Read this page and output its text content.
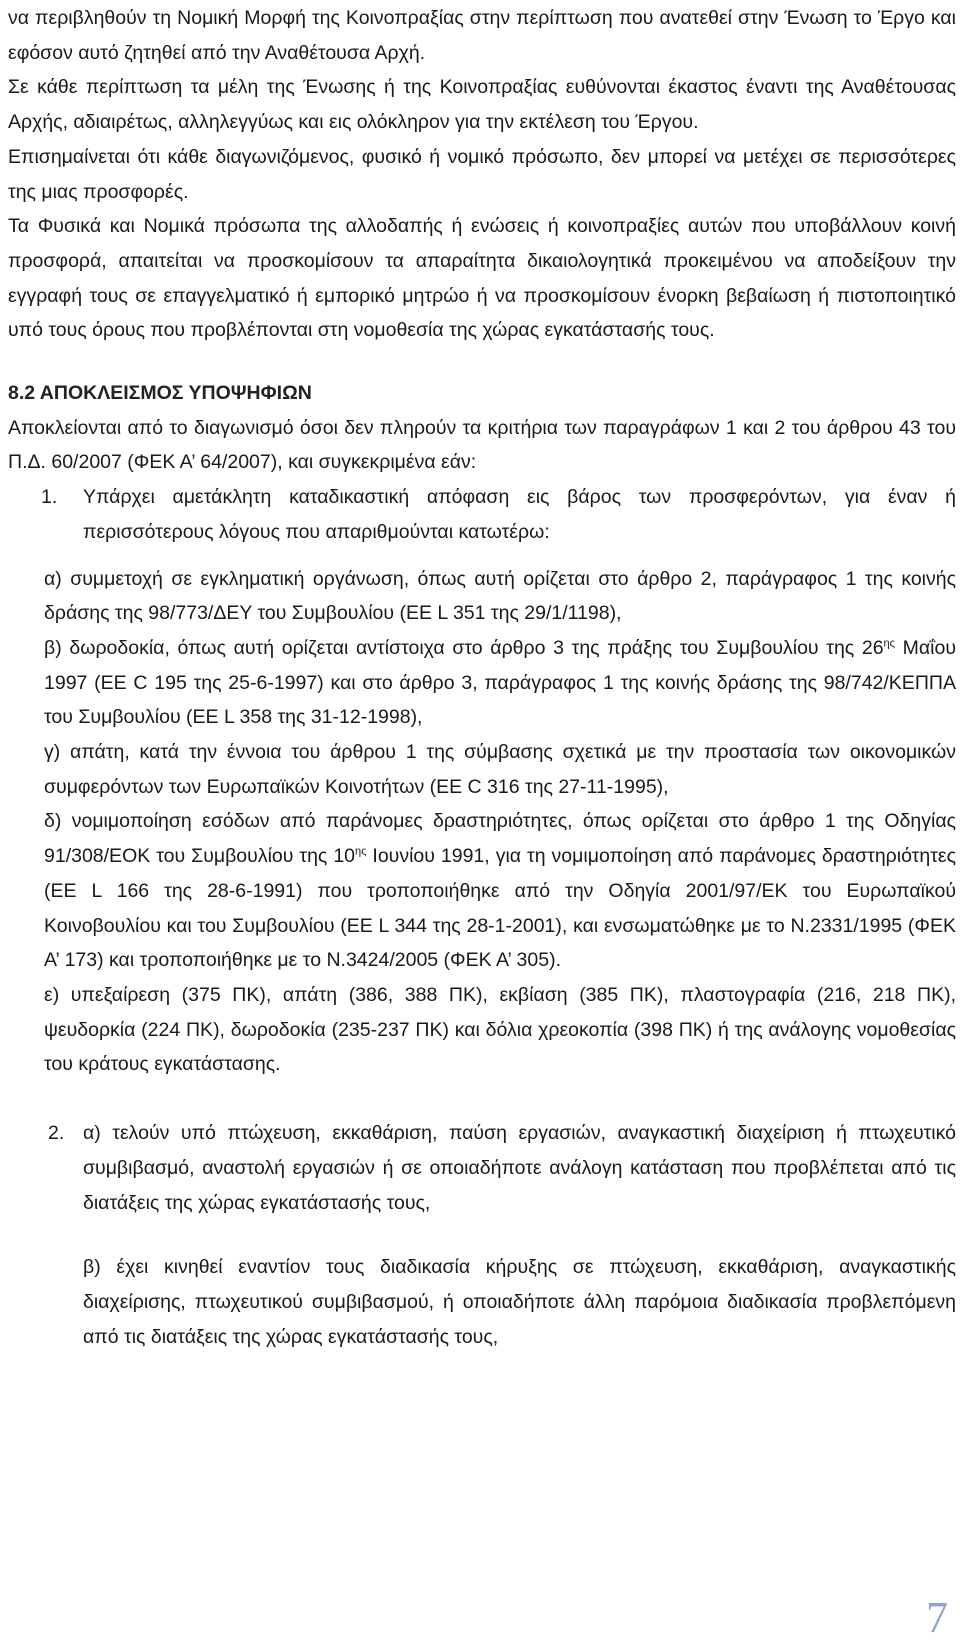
να περιβληθούν τη Νομική Μορφή της Κοινοπραξίας στην περίπτωση που ανατεθεί στην Ένωση το Έργο και εφόσον αυτό ζητηθεί από την Αναθέτουσα Αρχή.

Σε κάθε περίπτωση τα μέλη της Ένωσης ή της Κοινοπραξίας ευθύνονται έκαστος έναντι της Αναθέτουσας Αρχής, αδιαιρέτως, αλληλεγγύως και εις ολόκληρον για την εκτέλεση του Έργου.

Επισημαίνεται ότι κάθε διαγωνιζόμενος, φυσικό ή νομικό πρόσωπο, δεν μπορεί να μετέχει σε περισσότερες της μιας προσφορές.

Τα Φυσικά και Νομικά πρόσωπα της αλλοδαπής ή ενώσεις ή κοινοπραξίες αυτών που υποβάλλουν κοινή προσφορά, απαιτείται να προσκομίσουν τα απαραίτητα δικαιολογητικά προκειμένου να αποδείξουν την εγγραφή τους σε επαγγελματικό ή εμπορικό μητρώο ή να προσκομίσουν ένορκη βεβαίωση ή πιστοποιητικό υπό τους όρους που προβλέπονται στη νομοθεσία της χώρας εγκατάστασής τους.

8.2 ΑΠΟΚΛΕΙΣΜΟΣ ΥΠΟΨΗΦΙΩΝ

Αποκλείονται από το διαγωνισμό όσοι δεν πληρούν τα κριτήρια των παραγράφων 1 και 2 του άρθρου 43 του Π.Δ. 60/2007 (ΦΕΚ Α’ 64/2007), και συγκεκριμένα εάν:

1.	Υπάρχει αμετάκλητη καταδικαστική απόφαση εις βάρος των προσφερόντων, για έναν ή περισσότερους λόγους που απαριθμούνται κατωτέρω:

α) συμμετοχή σε εγκληματική οργάνωση, όπως αυτή ορίζεται στο άρθρο 2, παράγραφος 1 της κοινής δράσης της 98/773/ΔΕΥ του Συμβουλίου (ΕΕ L 351 της 29/1/1198),

β) δωροδοκία, όπως αυτή ορίζεται αντίστοιχα στο άρθρο 3 της πράξης του Συμβουλίου της $26^{\eta\varsigma}$ Μαΐου 1997 (ΕΕ C 195 της 25-6-1997) και στο άρθρο 3, παράγραφος 1 της κοινής δράσης της 98/742/ΚΕΠΠΑ του Συμβουλίου (ΕΕ L 358 της 31-12-1998),

γ) απάτη, κατά την έννοια του άρθρου 1 της σύμβασης σχετικά με την προστασία των οικονομικών συμφερόντων των Ευρωπαϊκών Κοινοτήτων (ΕΕ C 316 της 27-11-1995),

δ) νομιμοποίηση εσόδων από παράνομες δραστηριότητες, όπως ορίζεται στο άρθρο 1 της Οδηγίας 91/308/ΕΟΚ του Συμβουλίου της $10^{\eta\varsigma}$ Ιουνίου 1991, για τη νομιμοποίηση από παράνομες δραστηριότητες (ΕΕ L 166 της 28-6-1991) που τροποποιήθηκε από την Οδηγία 2001/97/ΕΚ του Ευρωπαϊκού Κοινοβουλίου και του Συμβουλίου (ΕΕ L 344 της 28-1-2001), και ενσωματώθηκε με το Ν.2331/1995 (ΦΕΚ Α’ 173) και τροποποιήθηκε με το Ν.3424/2005 (ΦΕΚ Α’ 305).

ε) υπεξαίρεση (375 ΠΚ), απάτη (386, 388 ΠΚ), εκβίαση (385 ΠΚ), πλαστογραφία (216, 218 ΠΚ), ψευδορκία (224 ΠΚ), δωροδοκία (235-237 ΠΚ) και δόλια χρεοκοπία (398 ΠΚ) ή της ανάλογης νομοθεσίας του κράτους εγκατάστασης.

2. α) τελούν υπό πτώχευση, εκκαθάριση, παύση εργασιών, αναγκαστική διαχείριση ή πτωχευτικό συμβιβασμό, αναστολή εργασιών ή σε οποιαδήποτε ανάλογη κατάσταση που προβλέπεται από τις διατάξεις της χώρας εγκατάστασής τους,

β) έχει κινηθεί εναντίον τους διαδικασία κήρυξης σε πτώχευση, εκκαθάριση, αναγκαστικής διαχείρισης, πτωχευτικού συμβιβασμού, ή οποιαδήποτε άλλη παρόμοια διαδικασία προβλεπόμενη από τις διατάξεις της χώρας εγκατάστασής τους,

7
